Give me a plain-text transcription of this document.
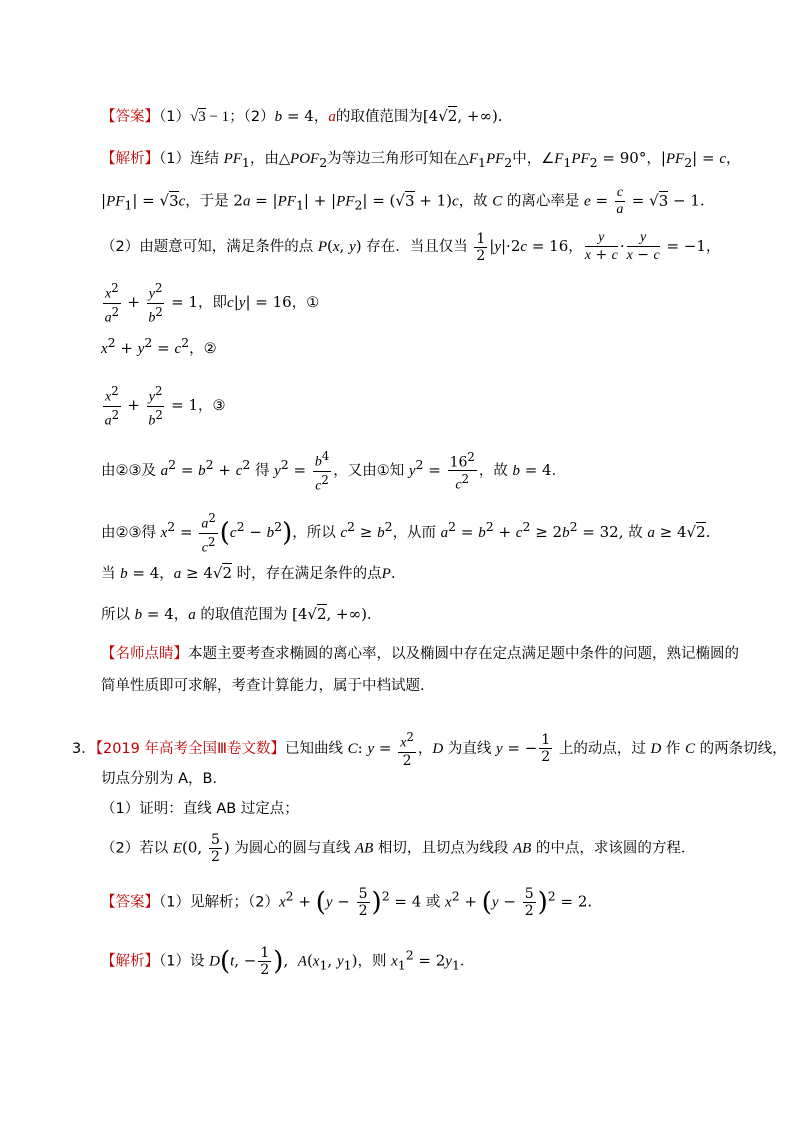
【答案】（1）√3 − 1；（2）b = 4，a的取值范围为[4√2, +∞).
【解析】（1）连结 $PF_1$，由$\triangle POF_2$为等边三角形可知在$\triangle F_1PF_2$中，$\angle F_1PF_2 = 90^\circ$，$|PF_2| = c$，
$|PF_1| = √3c$，于是 $2a = |PF_1| + |PF_2| = (√3 + 1)c$，故 C 的离心率是 $e = \frac{c}{a} = √3 - 1$.
（2）由题意可知，满足条件的点 P(x, y) 存在．当且仅当 $\frac{1}{2} |y|\cdot 2c = 16$， $\frac{y}{x + c} \cdot \frac{y}{x - c} = -1$，
$\frac{x^2}{a^2} + \frac{y^2}{b^2} = 1$，即c|y| = 16，①
$x^2 + y^2 = c^2$，②
$\frac{x^2}{a^2} + \frac{y^2}{b^2} = 1$，③
由②③及 $a^2 = b^2 + c^2$ 得 $y^2 = \frac{b^4}{c^2}$ ，又由①知 $y^2 = \frac{16^2}{c^2}$ ，故 b = 4．
由②③得 $x^2 = \frac{a^2}{c^2} (c^2 - b^2)$，所以 $c^2 \ge b^2$，从而 $a^2 = b^2 + c^2 \ge 2b^2 = 32$, 故 a ≥ 4√2.
当 b = 4，a ≥ 4√2 时，存在满足条件的点P.
所以 b = 4，a 的取值范围为 [4√2, +∞)．
【名师点睛】本题主要考查求椭圆的离心率，以及椭圆中存在定点满足题中条件的问题，熟记椭圆的
简单性质即可求解，考查计算能力，属于中档试题.
3．【2019 年高考全国Ⅲ卷文数】已知曲线 C: $y = \frac{x^2}{2}$ ，D 为直线 y = − $\frac{1}{2}$ 上的动点，过 D 作 C 的两条切线，
切点分别为 A，B．
（1）证明：直线 AB 过定点；
（2）若以 E(0, $\frac{5}{2}$ ) 为圆心的圆与直线 AB 相切，且切点为线段 AB 的中点，求该圆的方程．
【答案】（1）见解析；$(2)x^2 + (y - \frac{5}{2} )^2 = 4$ 或 $x^2 + (y - \frac{5}{2} )^2 = 2$.
【解析】（1）设 D(t, − $\frac{1}{2}$ ),  $A(x_1$, $y_1$)，则 $x_1^2 = 2y_1$．
